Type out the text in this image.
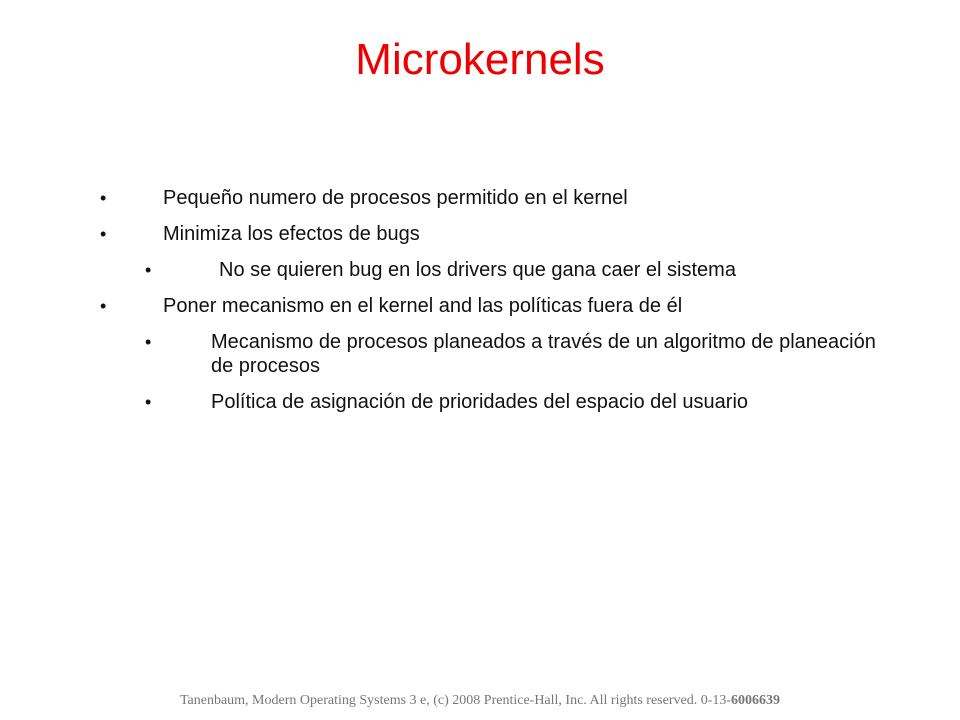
Microkernels
•	Pequeño numero de procesos permitido en el kernel
•	Minimiza los efectos de bugs
•	No se quieren bug en los drivers que gana caer el sistema
•	Poner mecanismo en el kernel and las políticas fuera de él
•	Mecanismo de procesos planeados a través de un algoritmo de planeación de procesos
•	Política de asignación de prioridades del espacio del usuario
Tanenbaum, Modern Operating Systems 3 e, (c) 2008 Prentice-Hall, Inc. All rights reserved. 0-13-6006639
